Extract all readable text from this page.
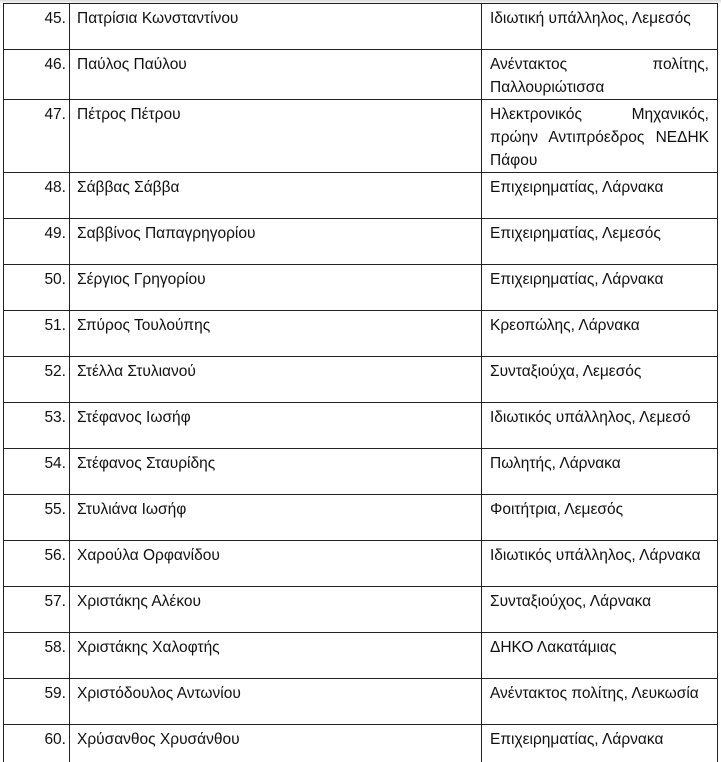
45.	Πατρίσια Κωνσταντίνου	Ιδιωτική υπάλληλος, Λεμεσός
46.	Παύλος Παύλου	Ανέντακτος πολίτης, Παλλουριώτισσα
47.	Πέτρος Πέτρου	Ηλεκτρονικός Μηχανικός, πρώην Αντιπρόεδρος ΝΕΔΗΚ Πάφου
48.	Σάββας Σάββα	Επιχειρηματίας, Λάρνακα
49.	Σαββίνος Παπαγρηγορίου	Επιχειρηματίας, Λεμεσός
50.	Σέργιος Γρηγορίου	Επιχειρηματίας, Λάρνακα
51.	Σπύρος Τουλούπης	Κρεοπώλης, Λάρνακα
52.	Στέλλα Στυλιανού	Συνταξιούχα, Λεμεσός
53.	Στέφανος Ιωσήφ	Ιδιωτικός υπάλληλος, Λεμεσό
54.	Στέφανος Σταυρίδης	Πωλητής, Λάρνακα
55.	Στυλιάνα Ιωσήφ	Φοιτήτρια, Λεμεσός
56.	Χαρούλα Ορφανίδου	Ιδιωτικός υπάλληλος, Λάρνακα
57.	Χριστάκης Αλέκου	Συνταξιούχος, Λάρνακα
58.	Χριστάκης Χαλοφτής	ΔΗΚΟ Λακατάμιας
59.	Χριστόδουλος Αντωνίου	Ανέντακτος πολίτης, Λευκωσία
60.	Χρύσανθος Χρυσάνθου	Επιχειρηματίας, Λάρνακα
